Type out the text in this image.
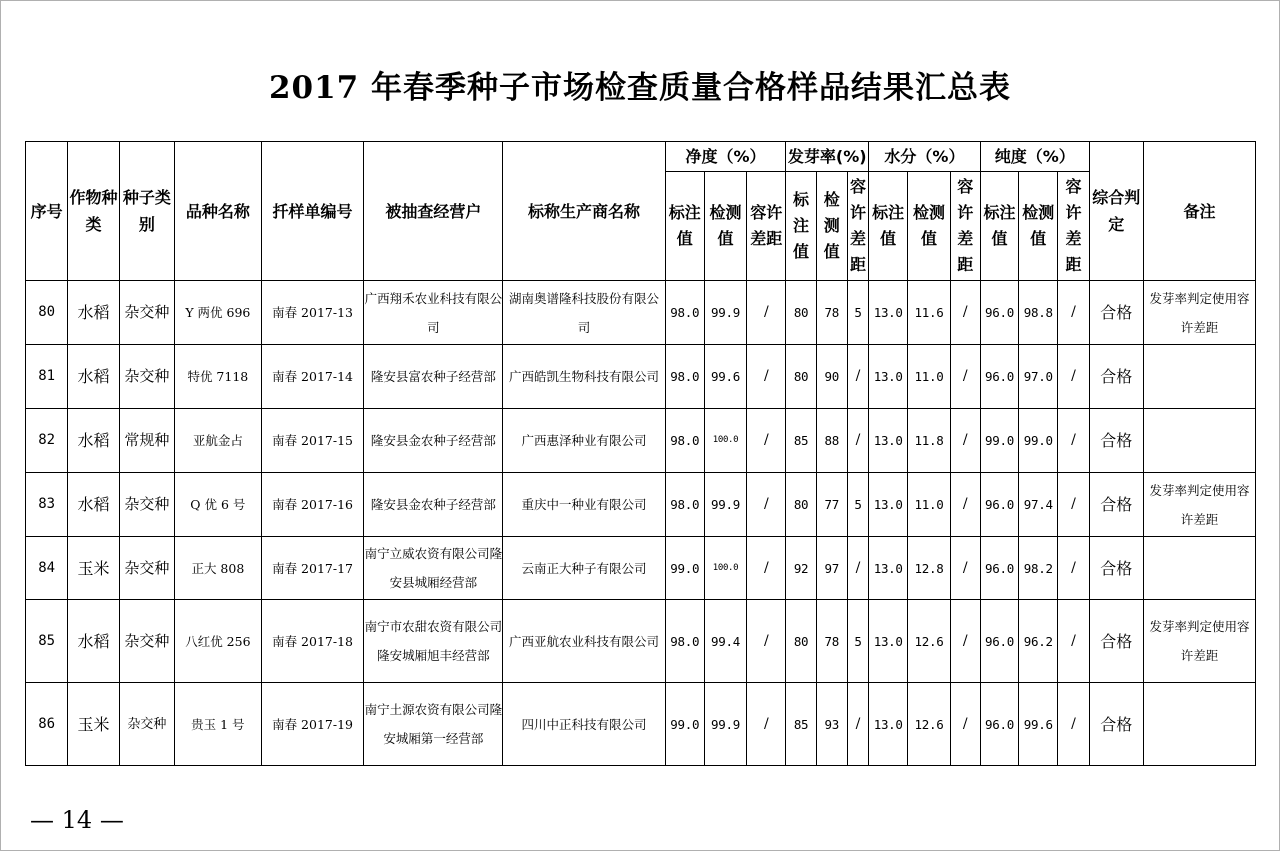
2017 年春季种子市场检查质量合格样品结果汇总表
序号	作物种类	种子类别	品种名称	扦样单编号	被抽查经营户	标称生产商名称	净度（%）			发芽率(%)			水分（%）			纯度（%）			综合判定	备注
							标注值	检测值	容许差距	标注值	检测值	容许差距	标注值	检测值	容许差距	标注值	检测值	容许差距		
80	水稻	杂交种	Y 两优 696	南春 2017-13	广西翔禾农业科技有限公司	湖南奥谱隆科技股份有限公司	98.0	99.9	/	80	78	5	13.0	11.6	/	96.0	98.8	/	合格	发芽率判定使用容许差距
81	水稻	杂交种	特优 7118	南春 2017-14	隆安县富农种子经营部	广西皓凯生物科技有限公司	98.0	99.6	/	80	90	/	13.0	11.0	/	96.0	97.0	/	合格	
82	水稻	常规种	亚航金占	南春 2017-15	隆安县金农种子经营部	广西惠泽种业有限公司	98.0	100.0	/	85	88	/	13.0	11.8	/	99.0	99.0	/	合格	
83	水稻	杂交种	Q 优 6 号	南春 2017-16	隆安县金农种子经营部	重庆中一种业有限公司	98.0	99.9	/	80	77	5	13.0	11.0	/	96.0	97.4	/	合格	发芽率判定使用容许差距
84	玉米	杂交种	正大 808	南春 2017-17	南宁立威农资有限公司隆安县城厢经营部	云南正大种子有限公司	99.0	100.0	/	92	97	/	13.0	12.8	/	96.0	98.2	/	合格	
85	水稻	杂交种	八红优 256	南春 2017-18	南宁市农甜农资有限公司隆安城厢旭丰经营部	广西亚航农业科技有限公司	98.0	99.4	/	80	78	5	13.0	12.6	/	96.0	96.2	/	合格	发芽率判定使用容许差距
86	玉米	杂交种	贵玉 1 号	南春 2017-19	南宁土源农资有限公司隆安城厢第一经营部	四川中正科技有限公司	99.0	99.9	/	85	93	/	13.0	12.6	/	96.0	99.6	/	合格	
— 14 —
